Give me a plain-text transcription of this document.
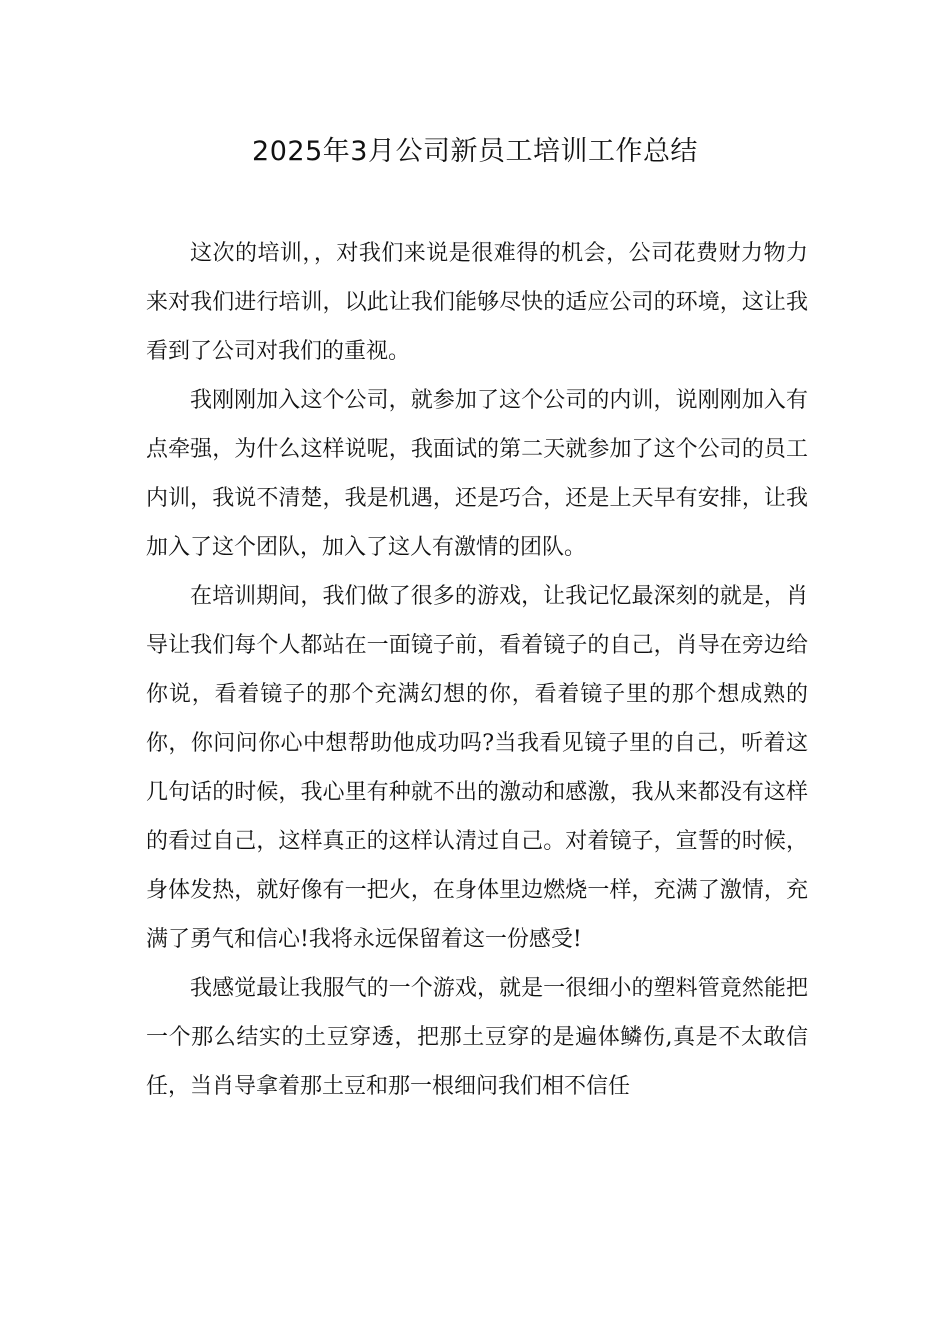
2025年3月公司新员工培训工作总结

这次的培训，，对我们来说是很难得的机会，公司花费财力物力来对我们进行培训，以此让我们能够尽快的适应公司的环境，这让我看到了公司对我们的重视。

我刚刚加入这个公司，就参加了这个公司的内训，说刚刚加入有点牵强，为什么这样说呢，我面试的第二天就参加了这个公司的员工内训，我说不清楚，我是机遇，还是巧合，还是上天早有安排，让我加入了这个团队，加入了这人有激情的团队。

在培训期间，我们做了很多的游戏，让我记忆最深刻的就是，肖导让我们每个人都站在一面镜子前，看着镜子的自己，肖导在旁边给你说，看着镜子的那个充满幻想的你，看着镜子里的那个想成熟的你，你问问你心中想帮助他成功吗?当我看见镜子里的自己，听着这几句话的时候，我心里有种就不出的激动和感激，我从来都没有这样的看过自己，这样真正的这样认清过自己。对着镜子，宣誓的时候，身体发热，就好像有一把火，在身体里边燃烧一样，充满了激情，充满了勇气和信心!我将永远保留着这一份感受!

我感觉最让我服气的一个游戏，就是一很细小的塑料管竟然能把一个那么结实的土豆穿透，把那土豆穿的是遍体鳞伤,真是不太敢信任，当肖导拿着那土豆和那一根细问我们相不信任
